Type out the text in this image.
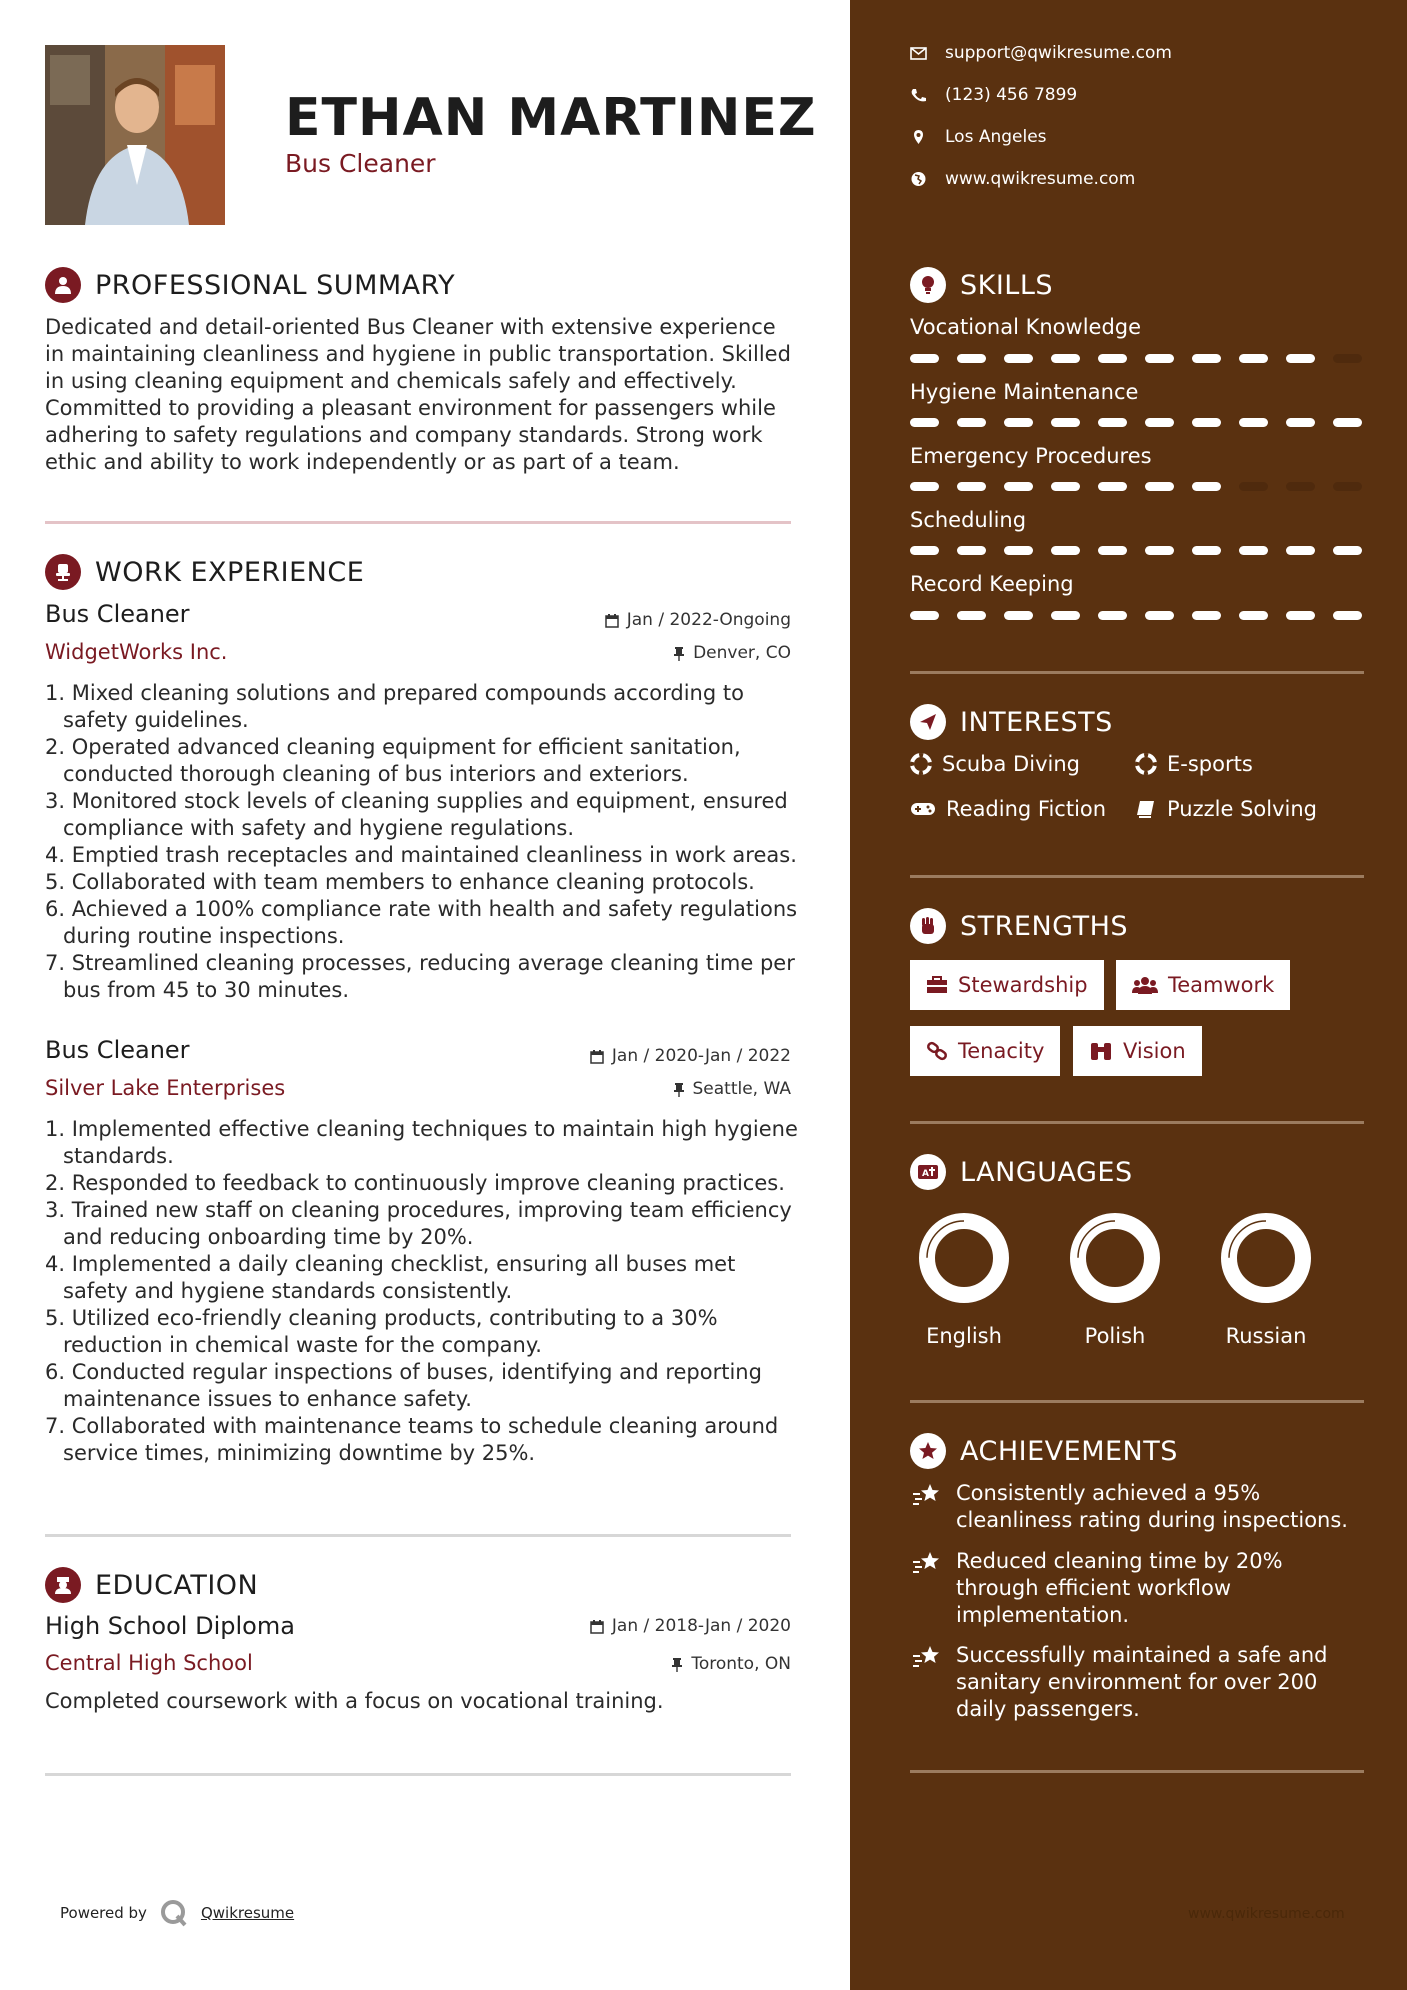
ETHAN MARTINEZ
Bus Cleaner
PROFESSIONAL SUMMARY
Dedicated and detail-oriented Bus Cleaner with extensive experience in maintaining cleanliness and hygiene in public transportation. Skilled in using cleaning equipment and chemicals safely and effectively. Committed to providing a pleasant environment for passengers while adhering to safety regulations and company standards. Strong work ethic and ability to work independently or as part of a team.
WORK EXPERIENCE
Bus Cleaner	Jan / 2022-Ongoing
WidgetWorks Inc.	Denver, CO
Mixed cleaning solutions and prepared compounds according to safety guidelines.
Operated advanced cleaning equipment for efficient sanitation, conducted thorough cleaning of bus interiors and exteriors.
Monitored stock levels of cleaning supplies and equipment, ensured compliance with safety and hygiene regulations.
Emptied trash receptacles and maintained cleanliness in work areas.
Collaborated with team members to enhance cleaning protocols.
Achieved a 100% compliance rate with health and safety regulations during routine inspections.
Streamlined cleaning processes, reducing average cleaning time per bus from 45 to 30 minutes.
Bus Cleaner	Jan / 2020-Jan / 2022
Silver Lake Enterprises	Seattle, WA
Implemented effective cleaning techniques to maintain high hygiene standards.
Responded to feedback to continuously improve cleaning practices.
Trained new staff on cleaning procedures, improving team efficiency and reducing onboarding time by 20%.
Implemented a daily cleaning checklist, ensuring all buses met safety and hygiene standards consistently.
Utilized eco-friendly cleaning products, contributing to a 30% reduction in chemical waste for the company.
Conducted regular inspections of buses, identifying and reporting maintenance issues to enhance safety.
Collaborated with maintenance teams to schedule cleaning around service times, minimizing downtime by 25%.
EDUCATION
High School Diploma	Jan / 2018-Jan / 2020
Central High School	Toronto, ON
Completed coursework with a focus on vocational training.
Powered by	Qwikresume
support@qwikresume.com
(123) 456 7899
Los Angeles
www.qwikresume.com
SKILLS
Vocational Knowledge
Hygiene Maintenance
Emergency Procedures
Scheduling
Record Keeping
INTERESTS
Scuba Diving	E-sports
Reading Fiction	Puzzle Solving
STRENGTHS
Stewardship	Teamwork
Tenacity	Vision
A LANGUAGES
English	Polish	Russian
ACHIEVEMENTS
Consistently achieved a 95% cleanliness rating during inspections.
Reduced cleaning time by 20% through efficient workflow implementation.
Successfully maintained a safe and sanitary environment for over 200 daily passengers.
www.qwikresume.com
